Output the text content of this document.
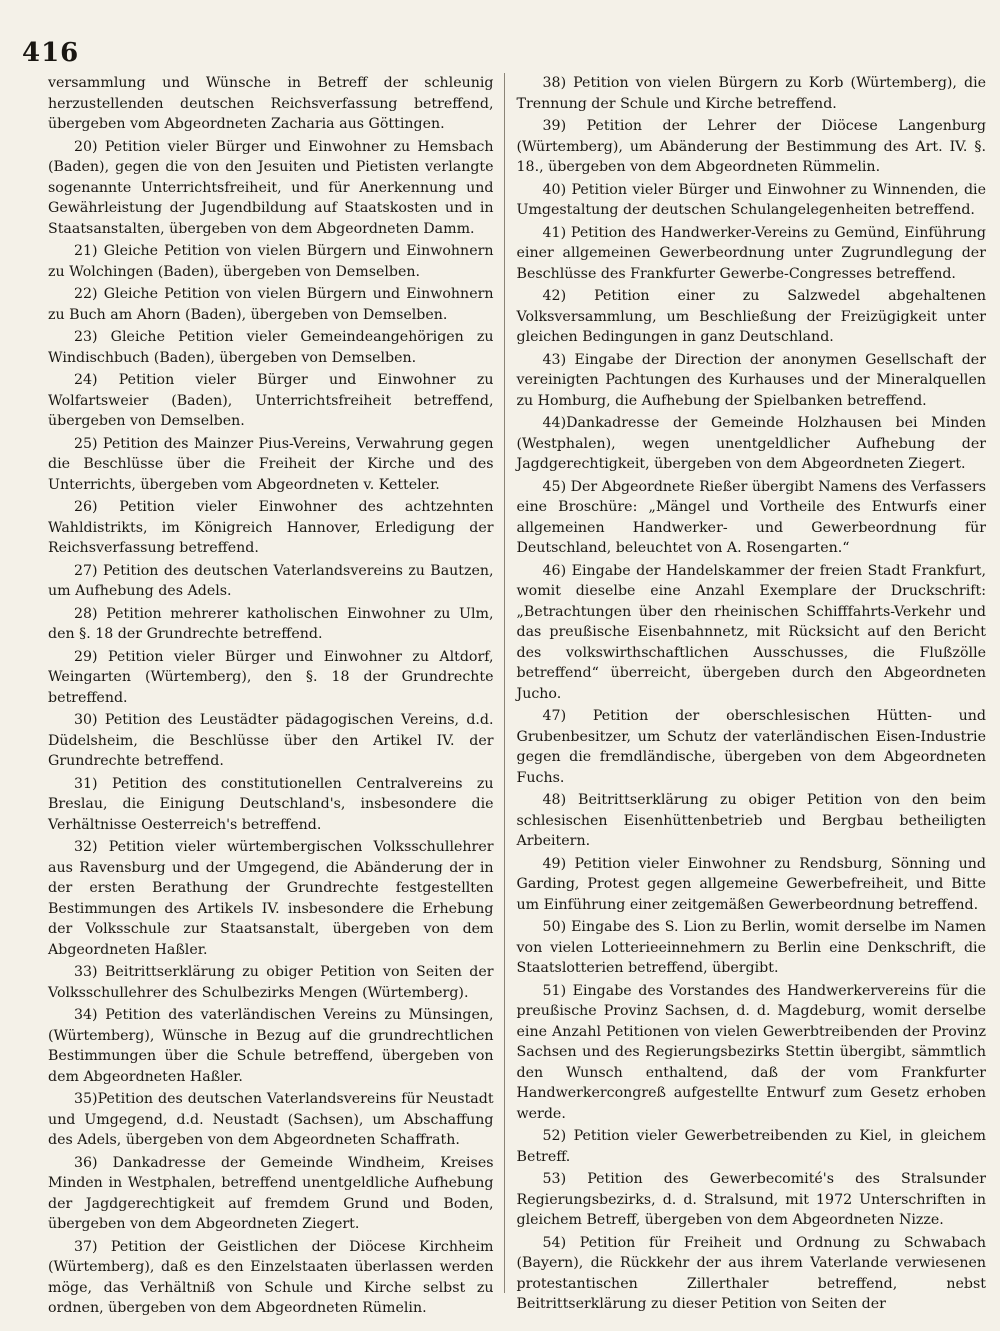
416

versammlung und Wünsche in Betreff der schleunig herzustellenden deutschen Reichsverfassung betreffend, übergeben vom Abgeordneten Zacharia aus Göttingen.

20) Petition vieler Bürger und Einwohner zu Hemsbach (Baden), gegen die von den Jesuiten und Pietisten verlangte sogenannte Unterrichtsfreiheit, und für Anerkennung und Gewährleistung der Jugendbildung auf Staatskosten und in Staatsanstalten, übergeben von dem Abgeordneten Damm.

21) Gleiche Petition von vielen Bürgern und Einwohnern zu Wolchingen (Baden), übergeben von Demselben.

22) Gleiche Petition von vielen Bürgern und Einwohnern zu Buch am Ahorn (Baden), übergeben von Demselben.

23) Gleiche Petition vieler Gemeindeangehörigen zu Windischbuch (Baden), übergeben von Demselben.

24) Petition vieler Bürger und Einwohner zu Wolfartsweier (Baden), Unterrichtsfreiheit betreffend, übergeben von Demselben.

25) Petition des Mainzer Pius-Vereins, Verwahrung gegen die Beschlüsse über die Freiheit der Kirche und des Unterrichts, übergeben vom Abgeordneten v. Ketteler.

26) Petition vieler Einwohner des achtzehnten Wahldistrikts, im Königreich Hannover, Erledigung der Reichsverfassung betreffend.

27) Petition des deutschen Vaterlandsvereins zu Bautzen, um Aufhebung des Adels.

28) Petition mehrerer katholischen Einwohner zu Ulm, den §. 18 der Grundrechte betreffend.

29) Petition vieler Bürger und Einwohner zu Altdorf, Weingarten (Würtemberg), den §. 18 der Grundrechte betreffend.

30) Petition des Leustädter pädagogischen Vereins, d.d. Düdelsheim, die Beschlüsse über den Artikel IV. der Grundrechte betreffend.

31) Petition des constitutionellen Centralvereins zu Breslau, die Einigung Deutschland's, insbesondere die Verhältnisse Oesterreich's betreffend.

32) Petition vieler würtembergischen Volksschullehrer aus Ravensburg und der Umgegend, die Abänderung der in der ersten Berathung der Grundrechte festgestellten Bestimmungen des Artikels IV. insbesondere die Erhebung der Volksschule zur Staatsanstalt, übergeben von dem Abgeordneten Haßler.

33) Beitrittserklärung zu obiger Petition von Seiten der Volksschullehrer des Schulbezirks Mengen (Würtemberg).

34) Petition des vaterländischen Vereins zu Münsingen, (Würtemberg), Wünsche in Bezug auf die grundrechtlichen Bestimmungen über die Schule betreffend, übergeben von dem Abgeordneten Haßler.

35)Petition des deutschen Vaterlandsvereins für Neustadt und Umgegend, d.d. Neustadt (Sachsen), um Abschaffung des Adels, übergeben von dem Abgeordneten Schaffrath.

36) Dankadresse der Gemeinde Windheim, Kreises Minden in Westphalen, betreffend unentgeldliche Aufhebung der Jagdgerechtigkeit auf fremdem Grund und Boden, übergeben von dem Abgeordneten Ziegert.

37) Petition der Geistlichen der Diöcese Kirchheim (Würtemberg), daß es den Einzelstaaten überlassen werden möge, das Verhältniß von Schule und Kirche selbst zu ordnen, übergeben von dem Abgeordneten Rümelin.

38) Petition von vielen Bürgern zu Korb (Würtemberg), die Trennung der Schule und Kirche betreffend.

39) Petition der Lehrer der Diöcese Langenburg (Würtemberg), um Abänderung der Bestimmung des Art. IV. §. 18., übergeben von dem Abgeordneten Rümmelin.

40) Petition vieler Bürger und Einwohner zu Winnenden, die Umgestaltung der deutschen Schulangelegenheiten betreffend.

41) Petition des Handwerker-Vereins zu Gemünd, Einführung einer allgemeinen Gewerbeordnung unter Zugrundlegung der Beschlüsse des Frankfurter Gewerbe-Congresses betreffend.

42) Petition einer zu Salzwedel abgehaltenen Volksversammlung, um Beschließung der Freizügigkeit unter gleichen Bedingungen in ganz Deutschland.

43) Eingabe der Direction der anonymen Gesellschaft der vereinigten Pachtungen des Kurhauses und der Mineralquellen zu Homburg, die Aufhebung der Spielbanken betreffend.

44)Dankadresse der Gemeinde Holzhausen bei Minden (Westphalen), wegen unentgeldlicher Aufhebung der Jagdgerechtigkeit, übergeben von dem Abgeordneten Ziegert.

45) Der Abgeordnete Rießer übergibt Namens des Verfassers eine Broschüre: „Mängel und Vortheile des Entwurfs einer allgemeinen Handwerker- und Gewerbeordnung für Deutschland, beleuchtet von A. Rosengarten.“

46) Eingabe der Handelskammer der freien Stadt Frankfurt, womit dieselbe eine Anzahl Exemplare der Druckschrift: „Betrachtungen über den rheinischen Schifffahrts-Verkehr und das preußische Eisenbahnnetz, mit Rücksicht auf den Bericht des volkswirthschaftlichen Ausschusses, die Flußzölle betreffend“ überreicht, übergeben durch den Abgeordneten Jucho.

47) Petition der oberschlesischen Hütten- und Grubenbesitzer, um Schutz der vaterländischen Eisen-Industrie gegen die fremdländische, übergeben von dem Abgeordneten Fuchs.

48) Beitrittserklärung zu obiger Petition von den beim schlesischen Eisenhüttenbetrieb und Bergbau betheiligten Arbeitern.

49) Petition vieler Einwohner zu Rendsburg, Sönning und Garding, Protest gegen allgemeine Gewerbefreiheit, und Bitte um Einführung einer zeitgemäßen Gewerbeordnung betreffend.

50) Eingabe des S. Lion zu Berlin, womit derselbe im Namen von vielen Lotterieeinnehmern zu Berlin eine Denkschrift, die Staatslotterien betreffend, übergibt.

51) Eingabe des Vorstandes des Handwerkervereins für die preußische Provinz Sachsen, d. d. Magdeburg, womit derselbe eine Anzahl Petitionen von vielen Gewerbtreibenden der Provinz Sachsen und des Regierungsbezirks Stettin übergibt, sämmtlich den Wunsch enthaltend, daß der vom Frankfurter Handwerkercongreß aufgestellte Entwurf zum Gesetz erhoben werde.

52) Petition vieler Gewerbetreibenden zu Kiel, in gleichem Betreff.

53) Petition des Gewerbecomité's des Stralsunder Regierungsbezirks, d. d. Stralsund, mit 1972 Unterschriften in gleichem Betreff, übergeben von dem Abgeordneten Nizze.

54) Petition für Freiheit und Ordnung zu Schwabach (Bayern), die Rückkehr der aus ihrem Vaterlande verwiesenen protestantischen Zillerthaler betreffend, nebst Beitrittserklärung zu dieser Petition von Seiten der
